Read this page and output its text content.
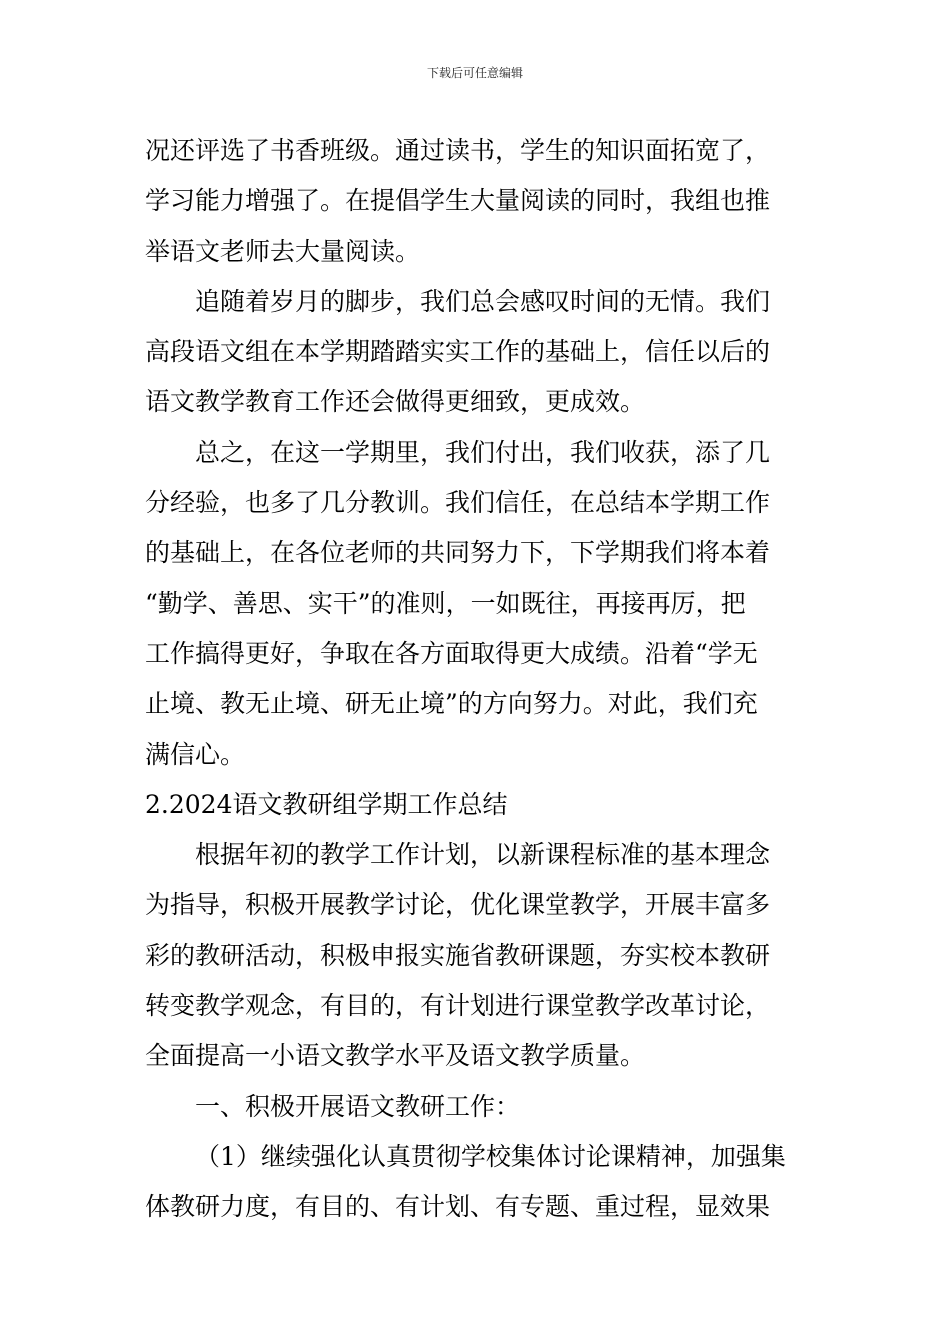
下载后可任意编辑

况还评选了书香班级。通过读书，学生的知识面拓宽了，
学习能力增强了。在提倡学生大量阅读的同时，我组也推
举语文老师去大量阅读。

追随着岁月的脚步，我们总会感叹时间的无情。我们
高段语文组在本学期踏踏实实工作的基础上，信任以后的
语文教学教育工作还会做得更细致，更成效。

总之，在这一学期里，我们付出，我们收获，添了几
分经验，也多了几分教训。我们信任，在总结本学期工作
的基础上，在各位老师的共同努力下，下学期我们将本着
“勤学、善思、实干”的准则，一如既往，再接再厉，把
工作搞得更好，争取在各方面取得更大成绩。沿着“学无
止境、教无止境、研无止境”的方向努力。对此，我们充
满信心。

2.2024语文教研组学期工作总结

根据年初的教学工作计划，以新课程标准的基本理念
为指导，积极开展教学讨论，优化课堂教学，开展丰富多
彩的教研活动，积极申报实施省教研课题，夯实校本教研
转变教学观念，有目的，有计划进行课堂教学改革讨论，
全面提高一小语文教学水平及语文教学质量。

一、积极开展语文教研工作：

（1）继续强化认真贯彻学校集体讨论课精神，加强集
体教研力度，有目的、有计划、有专题、重过程，显效果
